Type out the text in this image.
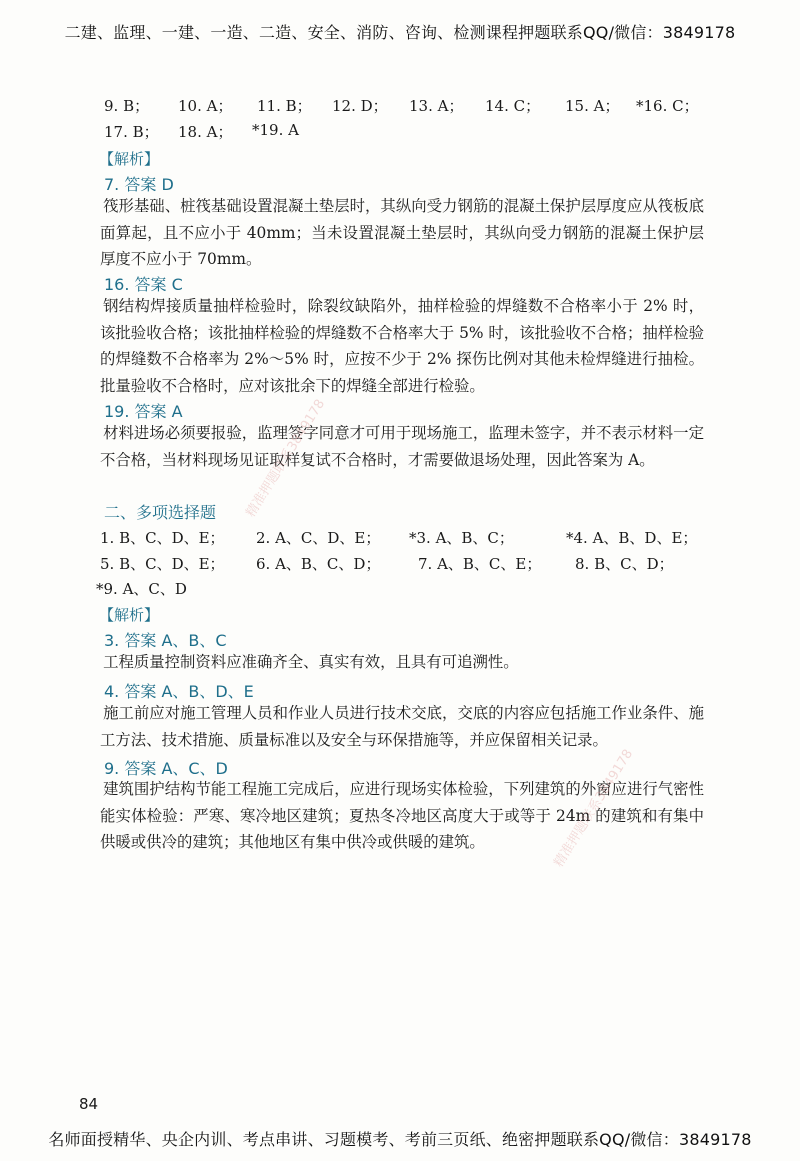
二建、监理、一建、一造、二造、安全、消防、咨询、检测课程押题联系QQ/微信：3849178
9. B； 10. A； 11. B； 12. D； 13. A； 14. C； 15. A； *16. C；
17. B； 18. A； *19. A
【解析】
7. 答案 D
筏形基础、桩筏基础设置混凝土垫层时，其纵向受力钢筋的混凝土保护层厚度应从筏板底面算起，且不应小于 40mm；当未设置混凝土垫层时，其纵向受力钢筋的混凝土保护层厚度不应小于 70mm。
16. 答案 C
钢结构焊接质量抽样检验时，除裂纹缺陷外，抽样检验的焊缝数不合格率小于 2% 时，该批验收合格；该批抽样检验的焊缝数不合格率大于 5% 时，该批验收不合格；抽样检验的焊缝数不合格率为 2%～5% 时，应按不少于 2% 探伤比例对其他未检焊缝进行抽检。批量验收不合格时，应对该批余下的焊缝全部进行检验。
19. 答案 A
材料进场必须要报验，监理签字同意才可用于现场施工，监理未签字，并不表示材料一定不合格，当材料现场见证取样复试不合格时，才需要做退场处理，因此答案为 A。
二、多项选择题
1. B、C、D、E； 2. A、C、D、E； *3. A、B、C；	*4. A、B、D、E；
5. B、C、D、E； 6. A、B、C、D；	7. A、B、C、E； 8. B、C、D；
*9. A、C、D
【解析】
3. 答案 A、B、C
工程质量控制资料应准确齐全、真实有效，且具有可追溯性。
4. 答案 A、B、D、E
施工前应对施工管理人员和作业人员进行技术交底，交底的内容应包括施工作业条件、施工方法、技术措施、质量标准以及安全与环保措施等，并应保留相关记录。
9. 答案 A、C、D
建筑围护结构节能工程施工完成后，应进行现场实体检验，下列建筑的外窗应进行气密性能实体检验：严寒、寒冷地区建筑；夏热冬冷地区高度大于或等于 24m 的建筑和有集中供暖或供冷的建筑；其他地区有集中供冷或供暖的建筑。
精准押题联系3849178
精准押题联系3849178
84
名师面授精华、央企内训、考点串讲、习题模考、考前三页纸、绝密押题联系QQ/微信：3849178
